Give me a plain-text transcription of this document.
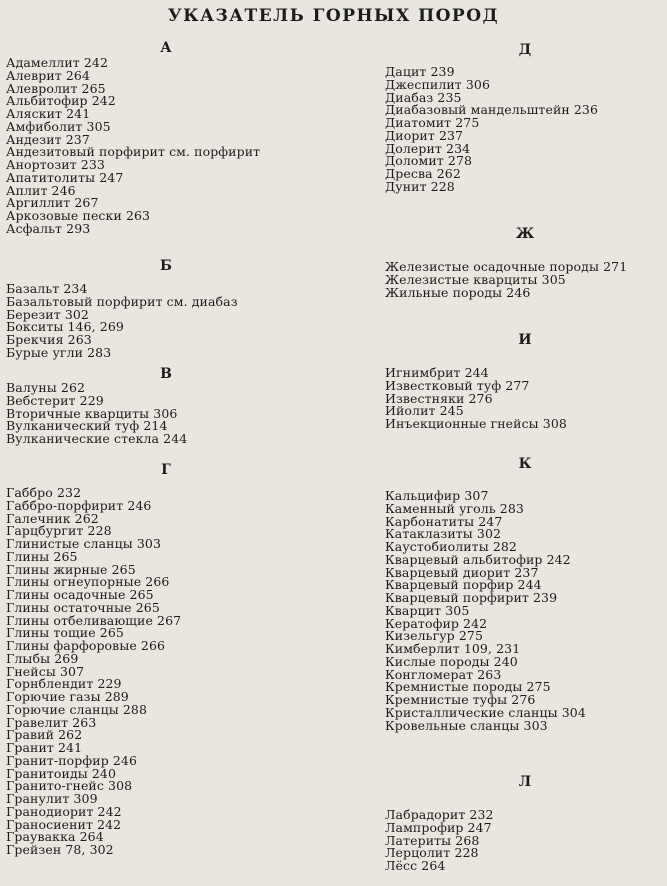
УКАЗАТЕЛЬ ГОРНЫХ ПОРОД
А
Адамеллит 242
Алеврит 264
Алевролит 265
Альбитофир 242
Аляскит 241
Амфиболит 305
Андезит 237
Андезитовый порфирит см. порфирит
Анортозит 233
Апатитолиты 247
Аплит 246
Аргиллит 267
Аркозовые пески 263
Асфальт 293
Б
Базальт 234
Базальтовый порфирит см. диабаз
Березит 302
Бокситы 146, 269
Брекчия 263
Бурые угли 283
В
Валуны 262
Вебстерит 229
Вторичные кварциты 306
Вулканический туф 214
Вулканические стекла 244
Г
Габбро 232
Габбро-порфирит 246
Галечник 262
Гарцбургит 228
Глинистые сланцы 303
Глины 265
Глины жирные 265
Глины огнеупорные 266
Глины осадочные 265
Глины остаточные 265
Глины отбеливающие 267
Глины тощие 265
Глины фарфоровые 266
Глыбы 269
Гнейсы 307
Горнблендит 229
Горючие газы 289
Горючие сланцы 288
Гравелит 263
Гравий 262
Гранит 241
Гранит-порфир 246
Гранитоиды 240
Гранито-гнейс 308
Гранулит 309
Гранодиорит 242
Граносиенит 242
Граувакка 264
Грейзен 78, 302
Д
Дацит 239
Джеспилит 306
Диабаз 235
Диабазовый мандельштейн 236
Диатомит 275
Диорит 237
Долерит 234
Доломит 278
Дресва 262
Дунит 228
Ж
Железистые осадочные породы 271
Железистые кварциты 305
Жильные породы 246
И
Игнимбрит 244
Известковый туф 277
Известняки 276
Ийолит 245
Инъекционные гнейсы 308
К
Кальцифир 307
Каменный уголь 283
Карбонатиты 247
Катаклазиты 302
Каустобиолиты 282
Кварцевый альбитофир 242
Кварцевый диорит 237
Кварцевый порфир 244
Кварцевый порфирит 239
Кварцит 305
Кератофир 242
Кизельгур 275
Кимберлит 109, 231
Кислые породы 240
Конгломерат 263
Кремнистые породы 275
Кремнистые туфы 276
Кристаллические сланцы 304
Кровельные сланцы 303
Л
Лабрадорит 232
Лампрофир 247
Латериты 268
Лерцолит 228
Лёсс 264
